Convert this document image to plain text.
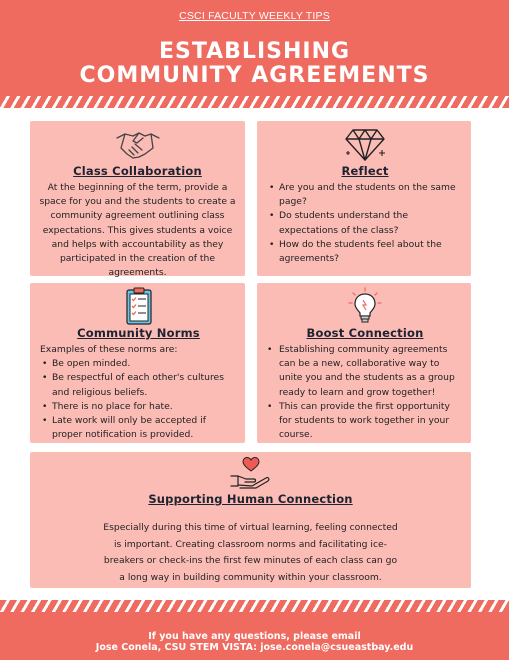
CSCI FACULTY WEEKLY TIPS
ESTABLISHING
COMMUNITY AGREEMENTS
Class Collaboration

At the beginning of the term, provide a space for you and the students to create a community agreement outlining class expectations. This gives students a voice and helps with accountability as they participated in the creation of the agreements.

Reflect
• Are you and the students on the same page?
• Do students understand the expectations of the class?
• How do the students feel about the agreements?
Community Norms
Examples of these norms are:
• Be open minded.
• Be respectful of each other's cultures and religious beliefs.
• There is no place for hate.
• Late work will only be accepted if proper notification is provided.
Boost Connection
• Establishing community agreements can be a new, collaborative way to unite you and the students as a group ready to learn and grow together!
• This can provide the first opportunity for students to work together in your course.
Supporting Human Connection

Especially during this time of virtual learning, feeling connected is important. Creating classroom norms and facilitating ice-breakers or check-ins the first few minutes of each class can go a long way in building community within your classroom.

If you have any questions, please email
Jose Conela, CSU STEM VISTA: jose.conela@csueastbay.edu
